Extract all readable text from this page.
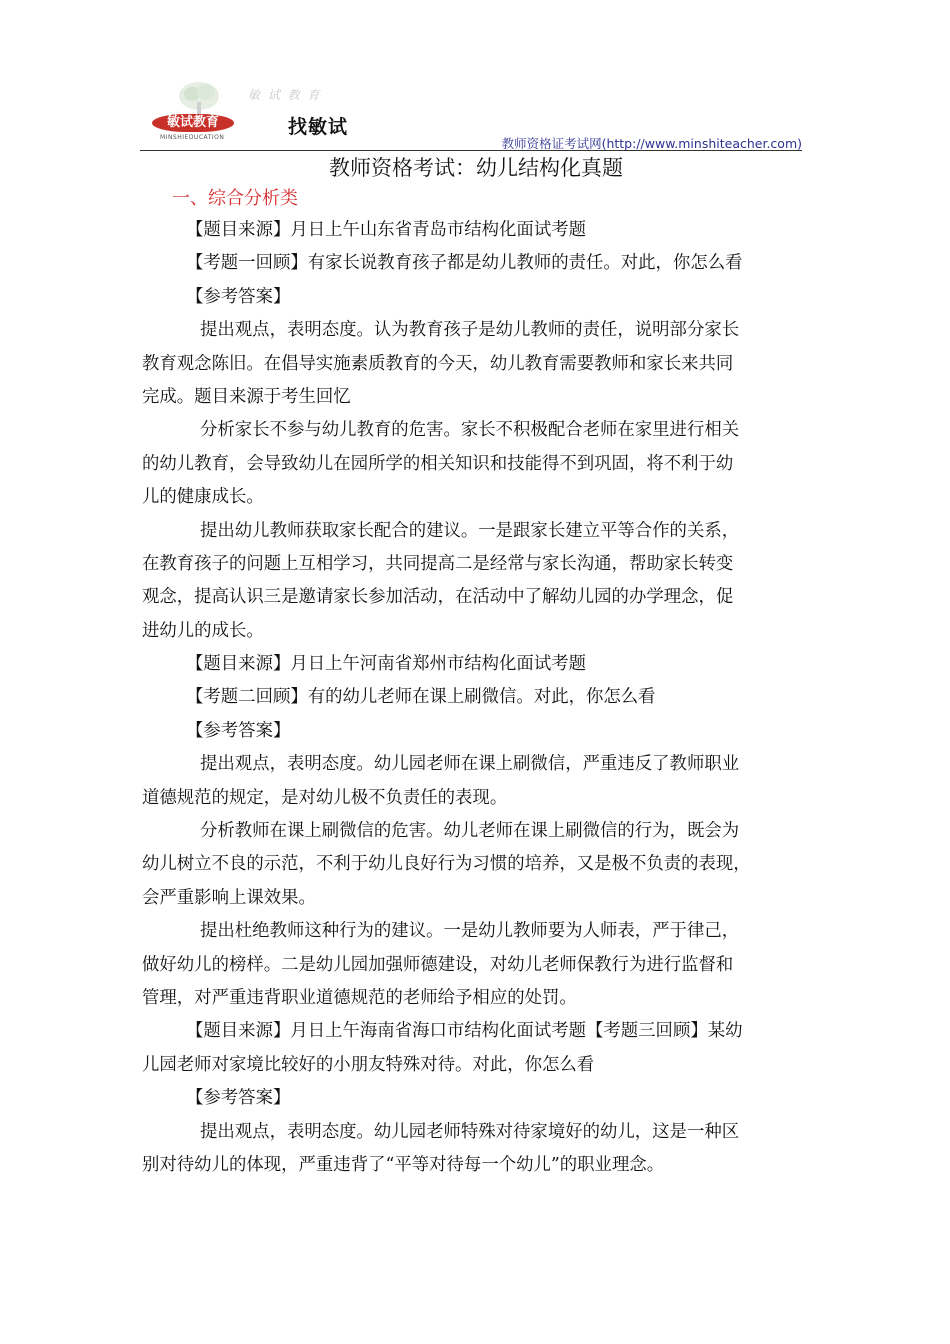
敏试教育
MINSHIEDUCATION
敏 试 教 育
找敏试
教师资格证考试网(http://www.minshiteacher.com)
教师资格考试：幼儿结构化真题
一、综合分析类
【题目来源】月日上午山东省青岛市结构化面试考题
【考题一回顾】有家长说教育孩子都是幼儿教师的责任。对此，你怎么看
【参考答案】
提出观点，表明态度。认为教育孩子是幼儿教师的责任，说明部分家长
教育观念陈旧。在倡导实施素质教育的今天，幼儿教育需要教师和家长来共同
完成。题目来源于考生回忆
分析家长不参与幼儿教育的危害。家长不积极配合老师在家里进行相关
的幼儿教育，会导致幼儿在园所学的相关知识和技能得不到巩固，将不利于幼
儿的健康成长。
提出幼儿教师获取家长配合的建议。一是跟家长建立平等合作的关系，
在教育孩子的问题上互相学习，共同提高二是经常与家长沟通，帮助家长转变
观念，提高认识三是邀请家长参加活动，在活动中了解幼儿园的办学理念，促
进幼儿的成长。
【题目来源】月日上午河南省郑州市结构化面试考题
【考题二回顾】有的幼儿老师在课上刷微信。对此，你怎么看
【参考答案】
提出观点，表明态度。幼儿园老师在课上刷微信，严重违反了教师职业
道德规范的规定，是对幼儿极不负责任的表现。
分析教师在课上刷微信的危害。幼儿老师在课上刷微信的行为，既会为
幼儿树立不良的示范，不利于幼儿良好行为习惯的培养，又是极不负责的表现，
会严重影响上课效果。
提出杜绝教师这种行为的建议。一是幼儿教师要为人师表，严于律己，
做好幼儿的榜样。二是幼儿园加强师德建设，对幼儿老师保教行为进行监督和
管理，对严重违背职业道德规范的老师给予相应的处罚。
【题目来源】月日上午海南省海口市结构化面试考题【考题三回顾】某幼
儿园老师对家境比较好的小朋友特殊对待。对此，你怎么看
【参考答案】
提出观点，表明态度。幼儿园老师特殊对待家境好的幼儿，这是一种区
别对待幼儿的体现，严重违背了“平等对待每一个幼儿”的职业理念。
